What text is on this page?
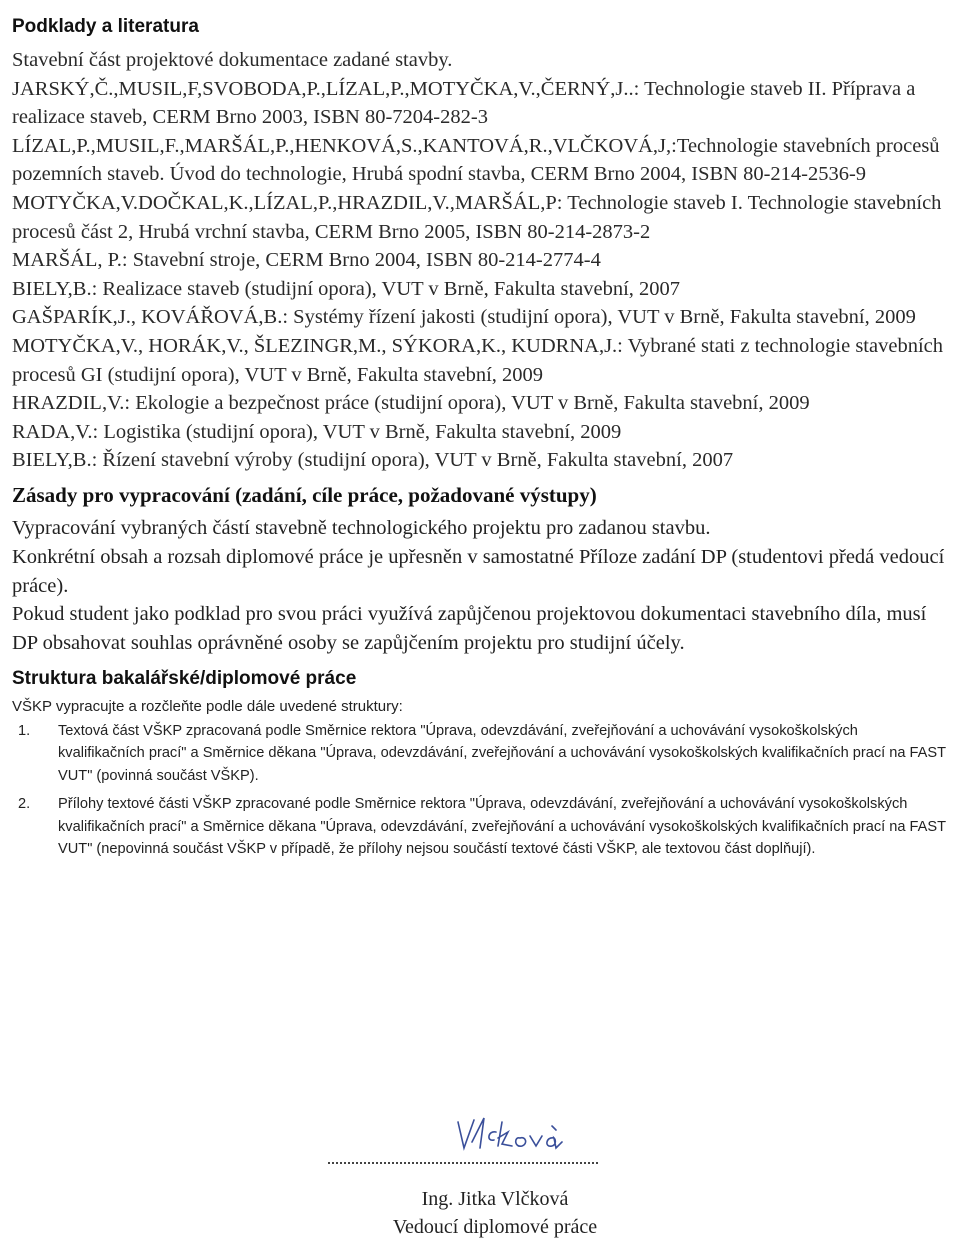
Podklady a literatura

Stavební část projektové dokumentace zadané stavby.

JARSKÝ,Č.,MUSIL,F,SVOBODA,P.,LÍZAL,P.,MOTYČKA,V.,ČERNÝ,J..: Technologie staveb II. Příprava a realizace staveb, CERM Brno 2003, ISBN 80-7204-282-3

LÍZAL,P.,MUSIL,F.,MARŠÁL,P.,HENKOVÁ,S.,KANTOVÁ,R.,VLČKOVÁ,J,:Technologie stavebních procesů pozemních staveb. Úvod do technologie, Hrubá spodní stavba, CERM Brno 2004, ISBN 80-214-2536-9

MOTYČKA,V.DOČKAL,K.,LÍZAL,P.,HRAZDIL,V.,MARŠÁL,P: Technologie staveb I. Technologie stavebních procesů část 2, Hrubá vrchní stavba, CERM Brno 2005, ISBN 80-214-2873-2

MARŠÁL, P.: Stavební stroje, CERM Brno 2004, ISBN 80-214-2774-4

BIELY,B.: Realizace staveb (studijní opora), VUT v Brně, Fakulta stavební, 2007

GAŠPARÍK,J., KOVÁŘOVÁ,B.: Systémy řízení jakosti (studijní opora), VUT v Brně, Fakulta stavební, 2009

MOTYČKA,V., HORÁK,V., ŠLEZINGR,M., SÝKORA,K., KUDRNA,J.: Vybrané stati z technologie stavebních procesů GI (studijní opora), VUT v Brně, Fakulta stavební, 2009

HRAZDIL,V.: Ekologie a bezpečnost práce (studijní opora), VUT v Brně, Fakulta stavební, 2009

RADA,V.: Logistika (studijní opora), VUT v Brně, Fakulta stavební, 2009

BIELY,B.: Řízení stavební výroby (studijní opora), VUT v Brně, Fakulta stavební, 2007

Zásady pro vypracování (zadání, cíle práce, požadované výstupy)

Vypracování vybraných částí stavebně technologického projektu pro zadanou stavbu.

Konkrétní obsah a rozsah diplomové práce je upřesněn v samostatné Příloze zadání DP (studentovi předá vedoucí práce).

Pokud student jako podklad pro svou práci využívá zapůjčenou projektovou dokumentaci stavebního díla, musí DP obsahovat souhlas oprávněné osoby se zapůjčením projektu pro studijní účely.

Struktura bakalářské/diplomové práce

VŠKP vypracujte a rozčleňte podle dále uvedené struktury:

1. Textová část VŠKP zpracovaná podle Směrnice rektora "Úprava, odevzdávání, zveřejňování a uchovávání vysokoškolských kvalifikačních prací" a Směrnice děkana "Úprava, odevzdávání, zveřejňování a uchovávání vysokoškolských kvalifikačních prací na FAST VUT" (povinná součást VŠKP).
2. Přílohy textové části VŠKP zpracované podle Směrnice rektora "Úprava, odevzdávání, zveřejňování a uchovávání vysokoškolských kvalifikačních prací" a Směrnice děkana "Úprava, odevzdávání, zveřejňování a uchovávání vysokoškolských kvalifikačních prací na FAST VUT" (nepovinná součást VŠKP v případě, že přílohy nejsou součástí textové části VŠKP, ale textovou část doplňují).
Ing. Jitka Vlčková
Vedoucí diplomové práce
